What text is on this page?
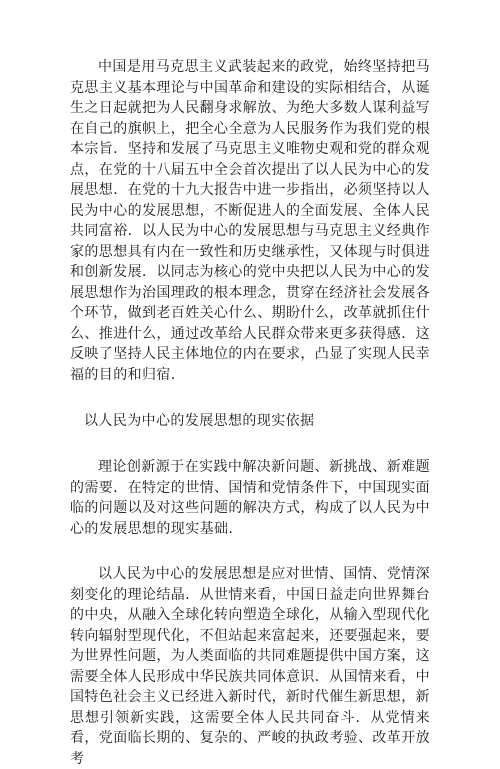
中国是用马克思主义武装起来的政党，始终坚持把马克思主义基本理论与中国革命和建设的实际相结合，从诞生之日起就把为人民翻身求解放、为绝大多数人谋利益写在自己的旗帜上，把全心全意为人民服务作为我们党的根本宗旨．坚持和发展了马克思主义唯物史观和党的群众观点，在党的十八届五中全会首次提出了以人民为中心的发展思想．在党的十九大报告中进一步指出，必须坚持以人民为中心的发展思想，不断促进人的全面发展、全体人民共同富裕．以人民为中心的发展思想与马克思主义经典作家的思想具有内在一致性和历史继承性，又体现与时俱进和创新发展．以同志为核心的党中央把以人民为中心的发展思想作为治国理政的根本理念，贯穿在经济社会发展各个环节，做到老百姓关心什么、期盼什么，改革就抓住什么、推进什么，通过改革给人民群众带来更多获得感．这反映了坚持人民主体地位的内在要求，凸显了实现人民幸福的目的和归宿.

以人民为中心的发展思想的现实依据

理论创新源于在实践中解决新问题、新挑战、新难题的需要．在特定的世情、国情和党情条件下，中国现实面临的问题以及对这些问题的解决方式，构成了以人民为中心的发展思想的现实基础.

以人民为中心的发展思想是应对世情、国情、党情深刻变化的理论结晶．从世情来看，中国日益走向世界舞台的中央，从融入全球化转向塑造全球化，从输入型现代化转向辐射型现代化，不但站起来富起来，还要强起来，要为世界性问题，为人类面临的共同难题提供中国方案，这需要全体人民形成中华民族共同体意识．从国情来看，中国特色社会主义已经进入新时代，新时代催生新思想，新思想引领新实践，这需要全体人民共同奋斗．从党情来看，党面临长期的、复杂的、严峻的执政考验、改革开放考
